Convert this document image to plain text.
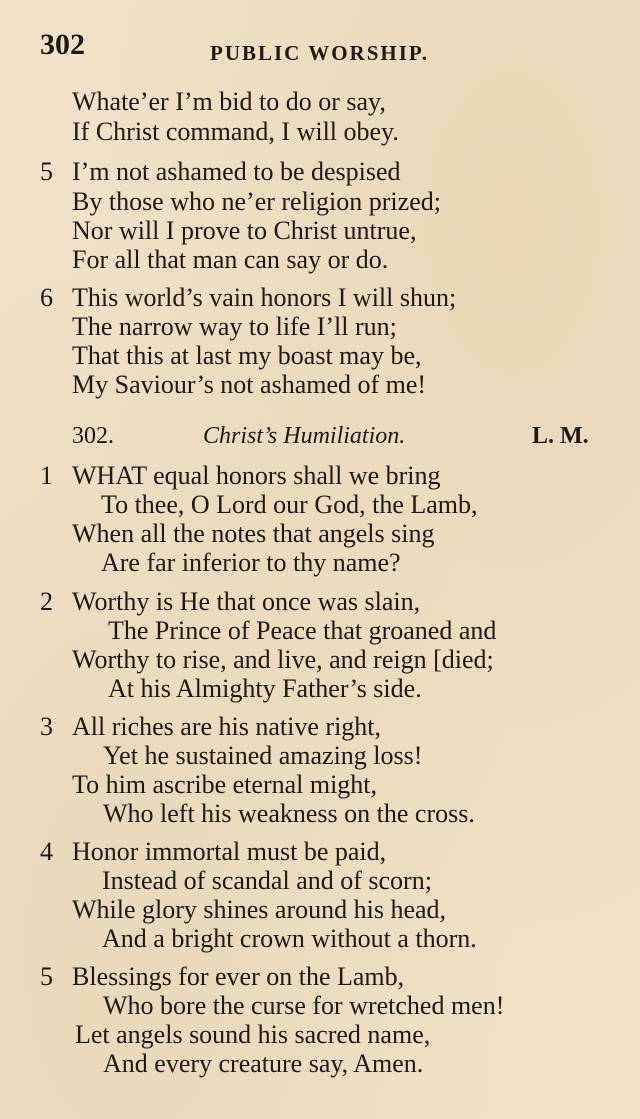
302	PUBLIC WORSHIP.
Whate’er I’m bid to do or say,
If Christ command, I will obey.
5 I’m not ashamed to be despised
By those who ne’er religion prized;
Nor will I prove to Christ untrue,
For all that man can say or do.
6 This world’s vain honors I will shun;
The narrow way to life I’ll run;
That this at last my boast may be,
My Saviour’s not ashamed of me!
302.	Christ’s Humiliation.	L. M.
1 WHAT equal honors shall we bring
To thee, O Lord our God, the Lamb,
When all the notes that angels sing
Are far inferior to thy name?
2 Worthy is He that once was slain,
The Prince of Peace that groaned and
Worthy to rise, and live, and reign [died;
At his Almighty Father’s side.
3 All riches are his native right,
Yet he sustained amazing loss!
To him ascribe eternal might,
Who left his weakness on the cross.
4 Honor immortal must be paid,
Instead of scandal and of scorn;
While glory shines around his head,
And a bright crown without a thorn.
5 Blessings for ever on the Lamb,
Who bore the curse for wretched men!
Let angels sound his sacred name,
And every creature say, Amen.
